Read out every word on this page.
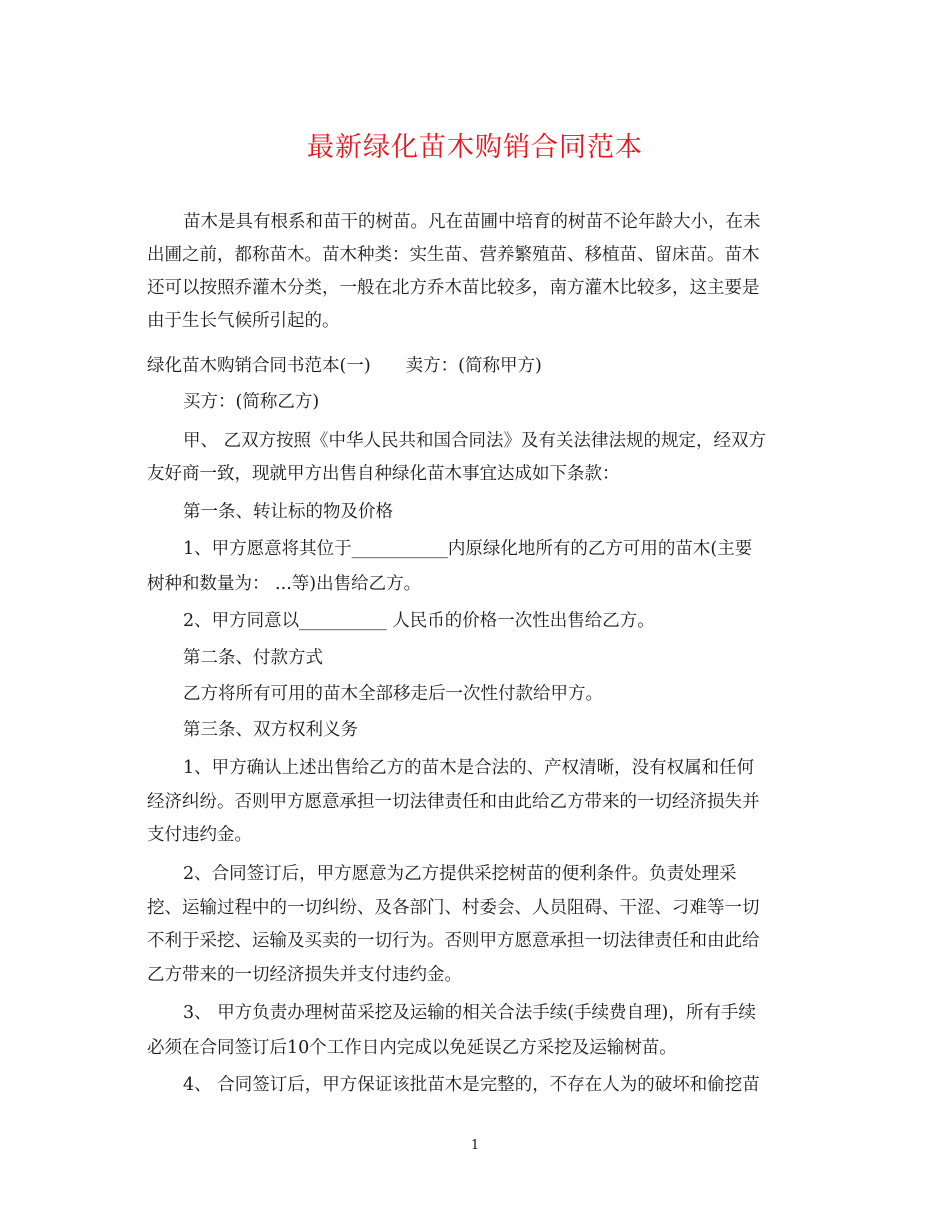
最新绿化苗木购销合同范本
苗木是具有根系和苗干的树苗。凡在苗圃中培育的树苗不论年龄大小，在未
出圃之前，都称苗木。苗木种类：实生苗、营养繁殖苗、移植苗、留床苗。苗木
还可以按照乔灌木分类，一般在北方乔木苗比较多，南方灌木比较多，这主要是
由于生长气候所引起的。
绿化苗木购销合同书范本(一)　　卖方：(简称甲方)
买方：(简称乙方)
甲、 乙双方按照《中华人民共和国合同法》及有关法律法规的规定，经双方
友好商一致，现就甲方出售自种绿化苗木事宜达成如下条款：
第一条、转让标的物及价格
1、甲方愿意将其位于___________内原绿化地所有的乙方可用的苗木(主要
树种和数量为： ...等)出售给乙方。
2、甲方同意以__________ 人民币的价格一次性出售给乙方。
第二条、付款方式
乙方将所有可用的苗木全部移走后一次性付款给甲方。
第三条、双方权利义务
1、甲方确认上述出售给乙方的苗木是合法的、产权清晰，没有权属和任何
经济纠纷。否则甲方愿意承担一切法律责任和由此给乙方带来的一切经济损失并
支付违约金。
2、合同签订后，甲方愿意为乙方提供采挖树苗的便利条件。负责处理采
挖、运输过程中的一切纠纷、及各部门、村委会、人员阻碍、干涩、刁难等一切
不利于采挖、运输及买卖的一切行为。否则甲方愿意承担一切法律责任和由此给
乙方带来的一切经济损失并支付违约金。
3、 甲方负责办理树苗采挖及运输的相关合法手续(手续费自理)，所有手续
必须在合同签订后10个工作日内完成以免延误乙方采挖及运输树苗。
4、 合同签订后，甲方保证该批苗木是完整的，不存在人为的破坏和偷挖苗
1
